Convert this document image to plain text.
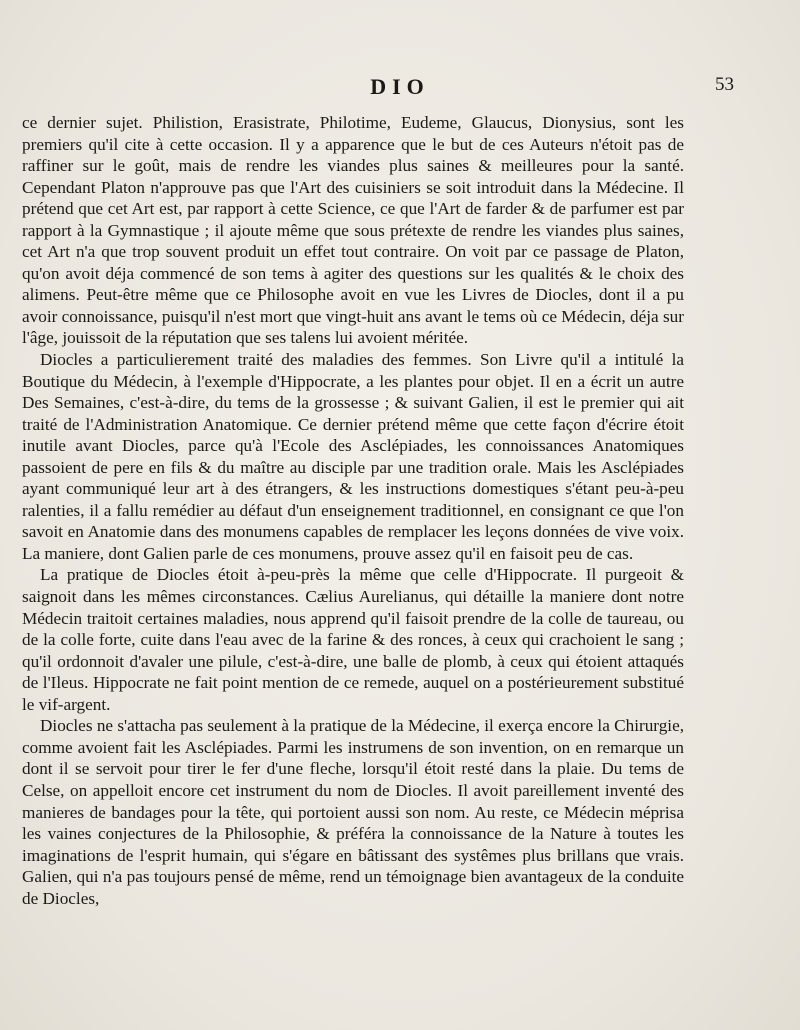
DIO	53

ce dernier sujet. Philistion, Erasistrate, Philotime, Eudeme, Glaucus, Dionysius, sont les premiers qu'il cite à cette occasion. Il y a apparence que le but de ces Auteurs n'étoit pas de raffiner sur le goût, mais de rendre les viandes plus saines & meilleures pour la santé. Cependant Platon n'approuve pas que l'Art des cuisiniers se soit introduit dans la Médecine. Il prétend que cet Art est, par rapport à cette Science, ce que l'Art de farder & de parfumer est par rapport à la Gymnastique ; il ajoute même que sous prétexte de rendre les viandes plus saines, cet Art n'a que trop souvent produit un effet tout contraire. On voit par ce passage de Platon, qu'on avoit déja commencé de son tems à agiter des questions sur les qualités & le choix des alimens. Peut-être même que ce Philosophe avoit en vue les Livres de Diocles, dont il a pu avoir connoissance, puisqu'il n'est mort que vingt-huit ans avant le tems où ce Médecin, déja sur l'âge, jouissoit de la réputation que ses talens lui avoient méritée.

Diocles a particulierement traité des maladies des femmes. Son Livre qu'il a intitulé la Boutique du Médecin, à l'exemple d'Hippocrate, a les plantes pour objet. Il en a écrit un autre Des Semaines, c'est-à-dire, du tems de la grossesse ; & suivant Galien, il est le premier qui ait traité de l'Administration Anatomique. Ce dernier prétend même que cette façon d'écrire étoit inutile avant Diocles, parce qu'à l'Ecole des Asclépiades, les connoissances Anatomiques passoient de pere en fils & du maître au disciple par une tradition orale. Mais les Asclépiades ayant communiqué leur art à des étrangers, & les instructions domestiques s'étant peu-à-peu ralenties, il a fallu remédier au défaut d'un enseignement traditionnel, en consignant ce que l'on savoit en Anatomie dans des monumens capables de remplacer les leçons données de vive voix. La maniere, dont Galien parle de ces monumens, prouve assez qu'il en faisoit peu de cas.

La pratique de Diocles étoit à-peu-près la même que celle d'Hippocrate. Il purgeoit & saignoit dans les mêmes circonstances. Cælius Aurelianus, qui détaille la maniere dont notre Médecin traitoit certaines maladies, nous apprend qu'il faisoit prendre de la colle de taureau, ou de la colle forte, cuite dans l'eau avec de la farine & des ronces, à ceux qui crachoient le sang ; qu'il ordonnoit d'avaler une pilule, c'est-à-dire, une balle de plomb, à ceux qui étoient attaqués de l'Ileus. Hippocrate ne fait point mention de ce remede, auquel on a postérieurement substitué le vif-argent.

Diocles ne s'attacha pas seulement à la pratique de la Médecine, il exerça encore la Chirurgie, comme avoient fait les Asclépiades. Parmi les instrumens de son invention, on en remarque un dont il se servoit pour tirer le fer d'une fleche, lorsqu'il étoit resté dans la plaie. Du tems de Celse, on appelloit encore cet instrument du nom de Diocles. Il avoit pareillement inventé des manieres de bandages pour la tête, qui portoient aussi son nom. Au reste, ce Médecin méprisa les vaines conjectures de la Philosophie, & préféra la connoissance de la Nature à toutes les imaginations de l'esprit humain, qui s'égare en bâtissant des systêmes plus brillans que vrais. Galien, qui n'a pas toujours pensé de même, rend un témoignage bien avantageux de la conduite de Diocles,
